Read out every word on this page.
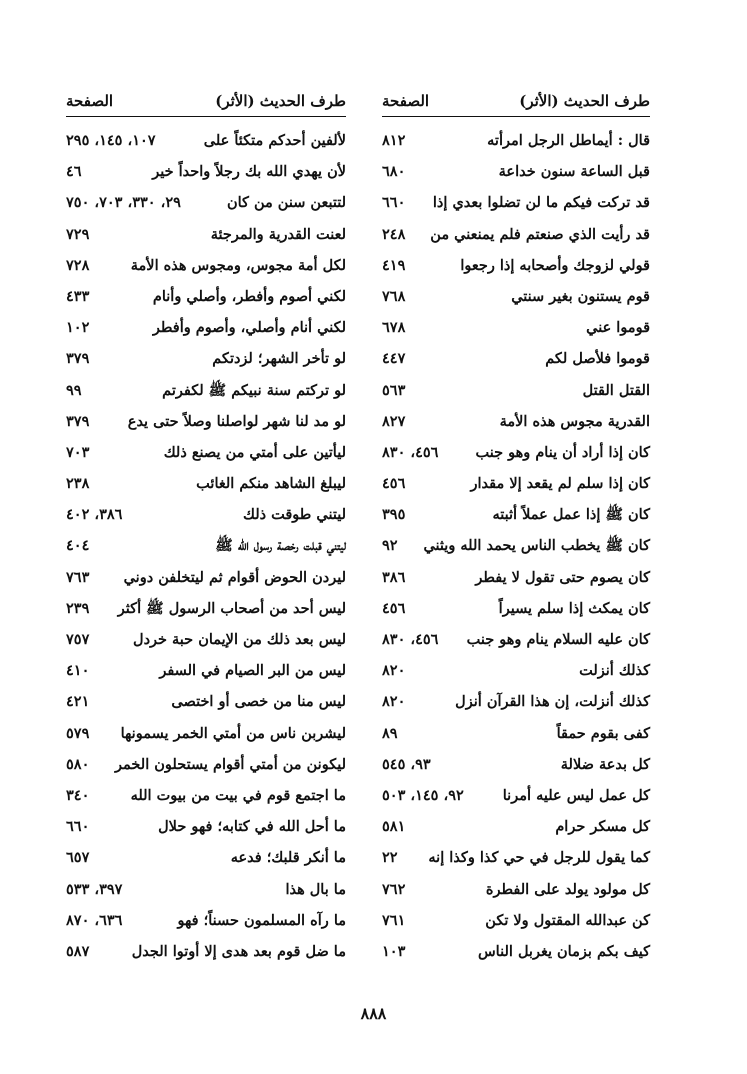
طرف الحديث (الأثر)
الصفحة
قال : أيماطل الرجل امرأته
٨١٢
قبل الساعة سنون خداعة
٦٨٠
قد تركت فيكم ما لن تضلوا بعدي إذا
٦٦٠
قد رأيت الذي صنعتم فلم يمنعني من
٢٤٨
قولي لزوجك وأصحابه إذا رجعوا
٤١٩
قوم يستنون بغير سنتي
٧٦٨
قوموا عني
٦٧٨
قوموا فلأصل لكم
٤٤٧
القتل القتل
٥٦٣
القدرية مجوس هذه الأمة
٨٢٧
كان إذا أراد أن ينام وهو جنب
٤٥٦، ٨٣٠
كان إذا سلم لم يقعد إلا مقدار
٤٥٦
كان ﷺ إذا عمل عملاً أثبته
٣٩٥
كان ﷺ يخطب الناس يحمد الله ويثني
٩٢
كان يصوم حتى تقول لا يفطر
٣٨٦
كان يمكث إذا سلم يسيراً
٤٥٦
كان عليه السلام ينام وهو جنب
٤٥٦، ٨٣٠
كذلك أنزلت
٨٢٠
كذلك أنزلت، إن هذا القرآن أنزل
٨٢٠
كفى بقوم حمقاً
٨٩
كل بدعة ضلالة
٩٣، ٥٤٥
كل عمل ليس عليه أمرنا
٩٢، ١٤٥، ٥٠٣
كل مسكر حرام
٥٨١
كما يقول للرجل في حي كذا وكذا إنه
٢٢
كل مولود يولد على الفطرة
٧٦٢
كن عبدالله المقتول ولا تكن
٧٦١
كيف بكم بزمان يغربل الناس
١٠٣
طرف الحديث (الأثر)
الصفحة
لألفين أحدكم متكئاً على
١٠٧، ١٤٥، ٢٩٥
لأن يهدي الله بك رجلاً واحداً خير
٤٦
لتتبعن سنن من كان
٢٩، ٣٣٠، ٧٠٣، ٧٥٠
لعنت القدرية والمرجئة
٧٢٩
لكل أمة مجوس، ومجوس هذه الأمة
٧٢٨
لكني أصوم وأفطر، وأصلي وأنام
٤٣٣
لكني أنام وأصلي، وأصوم وأفطر
١٠٢
لو تأخر الشهر؛ لزدتكم
٣٧٩
لو تركتم سنة نبيكم ﷺ لكفرتم
٩٩
لو مد لنا شهر لواصلنا وصلاً حتى يدع
٣٧٩
ليأتين على أمتي من يصنع ذلك
٧٠٣
ليبلغ الشاهد منكم الغائب
٢٣٨
ليتني طوقت ذلك
٣٨٦، ٤٠٢
ليتني قبلت رخصة رسول الله ﷺ
٤٠٤
ليردن الحوض أقوام ثم ليتخلفن دوني
٧٦٣
ليس أحد من أصحاب الرسول ﷺ أكثر
٢٣٩
ليس بعد ذلك من الإيمان حبة خردل
٧٥٧
ليس من البر الصيام في السفر
٤١٠
ليس منا من خصى أو اختصى
٤٢١
ليشربن ناس من أمتي الخمر يسمونها
٥٧٩
ليكونن من أمتي أقوام يستحلون الخمر
٥٨٠
ما اجتمع قوم في بيت من بيوت الله
٣٤٠
ما أحل الله في كتابه؛ فهو حلال
٦٦٠
ما أنكر قلبك؛ فدعه
٦٥٧
ما بال هذا
٣٩٧، ٥٣٣
ما رآه المسلمون حسناً؛ فهو
٦٣٦، ٨٧٠
ما ضل قوم بعد هدى إلا أوتوا الجدل
٥٨٧
٨٨٨
